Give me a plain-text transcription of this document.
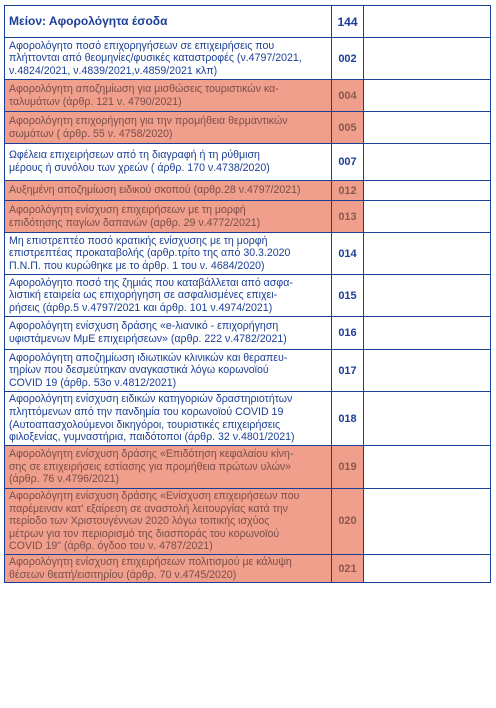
Μείον: Αφορολόγητα έσοδα	144	

Αφορολόγητο ποσό επιχορηγήσεων σε επιχειρήσεις που
πλήττονται από θεομηνίες/φυσικές καταστροφές (ν.4797/2021,
ν.4824/2021, ν.4839/2021,ν.4859/2021 κλπ)	002	

Αφορολόγητη αποζημίωση για μισθώσεις τουριστικών κα-
ταλυμάτων (άρθρ. 121 ν. 4790/2021)	004	

Αφορολόγητη επιχορήγηση για την προμήθεια θερμαντικών
σωμάτων ( άρθρ. 55 ν. 4758/2020)	005	

Ωφέλεια επιχειρήσεων από τη διαγραφή ή τη ρύθμιση
μέρους ή συνόλου των χρεών ( άρθρ. 170 ν.4738/2020)	007	

Αυξημένη αποζημίωση ειδικού σκοπού (αρθρ.28 ν.4797/2021)	012	

Αφορολόγητη ενίσχυση επιχειρήσεων με τη μορφή
επιδότησης παγίων δαπανών (αρθρ. 29 ν.4772/2021)	013	

Μη επιστρεπτέο ποσό κρατικής ενίσχυσης με τη μορφή
επιστρεπτέας προκαταβολής (αρθρ.τρίτο της από 30.3.2020
Π.Ν.Π. που κυρώθηκε με το άρθρ. 1 του ν. 4684/2020)	014	

Αφορολόγητο ποσό της ζημιάς που καταβάλλεται από ασφα-
λιστική εταιρεία ως επιχορήγηση σε ασφαλισμένες επιχει-
ρήσεις (άρθρ.5 ν.4797/2021 και άρθρ. 101 ν.4974/2021)	015	

Αφορολόγητη ενίσχυση δράσης «e-λιανικό - επιχορήγηση
υφιστάμενων ΜμΕ επιχειρήσεων» (αρθρ. 222 ν.4782/2021)	016	

Αφορολόγητη αποζημίωση ιδιωτικών κλινικών και θεραπευ-
τηρίων που δεσμεύτηκαν αναγκαστικά λόγω κορωνοϊού
COVID 19 (άρθρ. 53ο ν.4812/2021)	017	

Αφορολόγητη ενίσχυση ειδικών κατηγοριών δραστηριοτήτων
πληττόμενων από την πανδημία του κορωνοϊού COVID 19
(Αυτοαπασχολούμενοι δικηγόροι, τουριστικές επιχειρήσεις
φιλοξενίας, γυμναστήρια, παιδότοποι (άρθρ. 32 ν.4801/2021)	018	

Αφορολόγητη ενίσχυση δράσης «Επιδότηση κεφαλαίου κίνη-
σης σε επιχειρήσεις εστίασης για προμήθεια πρώτων υλών»
(άρθρ. 76 ν.4796/2021)	019	

Αφορολόγητη ενίσχυση δράσης «Ενίσχυση επιχειρήσεων που
παρέμειναν κατ' εξαίρεση σε αναστολή λειτουργίας κατά την
περίοδο των Χριστουγέννων 2020 λόγω τοπικής ισχύος
μέτρων για τον περιορισμό της διασποράς του κορωνοϊού
COVID 19" (άρθρ. όγδοο του ν. 4787/2021)	020	

Αφορολόγητη ενίσχυση επιχειρήσεων πολιτισμού με κάλυψη
θέσεων θεατή/εισιτηρίου (άρθρ. 70 ν.4745/2020)	021	
